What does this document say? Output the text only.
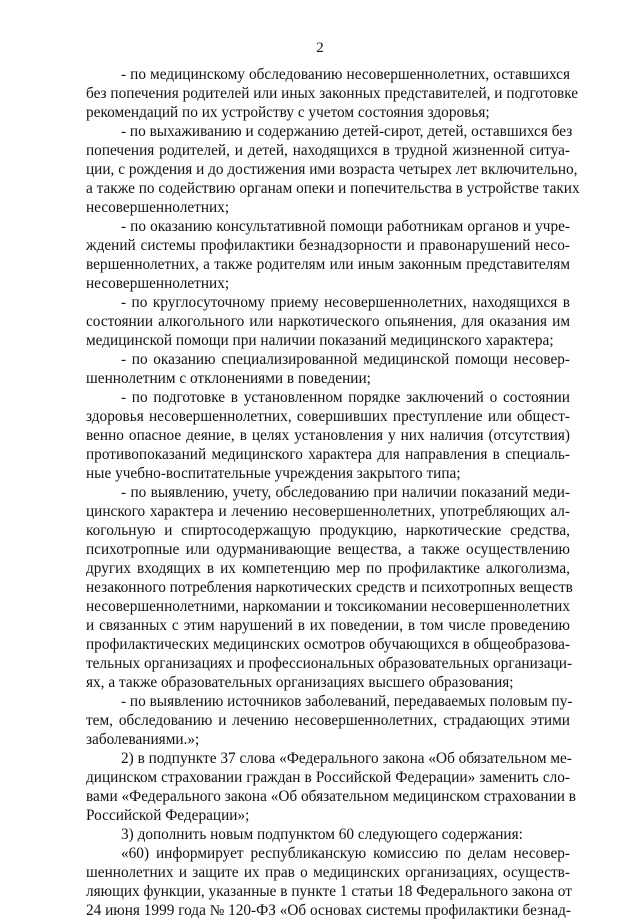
2
- по медицинскому обследованию несовершеннолетних, оставшихся
без попечения родителей или иных законных представителей, и подготовке
рекомендаций по их устройству с учетом состояния здоровья;
- по выхаживанию и содержанию детей-сирот, детей, оставшихся без
попечения родителей, и детей, находящихся в трудной жизненной ситуа-
ции, с рождения и до достижения ими возраста четырех лет включительно,
а также по содействию органам опеки и попечительства в устройстве таких
несовершеннолетних;
- по оказанию консультативной помощи работникам органов и учре-
ждений системы профилактики безнадзорности и правонарушений несо-
вершеннолетних, а также родителям или иным законным представителям
несовершеннолетних;
- по круглосуточному приему несовершеннолетних, находящихся в
состоянии алкогольного или наркотического опьянения, для оказания им
медицинской помощи при наличии показаний медицинского характера;
- по оказанию специализированной медицинской помощи несовер-
шеннолетним с отклонениями в поведении;
- по подготовке в установленном порядке заключений о состоянии
здоровья несовершеннолетних, совершивших преступление или общест-
венно опасное деяние, в целях установления у них наличия (отсутствия)
противопоказаний медицинского характера для направления в специаль-
ные учебно-воспитательные учреждения закрытого типа;
- по выявлению, учету, обследованию при наличии показаний меди-
цинского характера и лечению несовершеннолетних, употребляющих ал-
когольную и спиртосодержащую продукцию, наркотические средства,
психотропные или одурманивающие вещества, а также осуществлению
других входящих в их компетенцию мер по профилактике алкоголизма,
незаконного потребления наркотических средств и психотропных веществ
несовершеннолетними, наркомании и токсикомании несовершеннолетних
и связанных с этим нарушений в их поведении, в том числе проведению
профилактических медицинских осмотров обучающихся в общеобразова-
тельных организациях и профессиональных образовательных организаци-
ях, а также образовательных организациях высшего образования;
- по выявлению источников заболеваний, передаваемых половым пу-
тем, обследованию и лечению несовершеннолетних, страдающих этими
заболеваниями.»;
2) в подпункте 37 слова «Федерального закона «Об обязательном ме-
дицинском страховании граждан в Российской Федерации» заменить сло-
вами «Федерального закона «Об обязательном медицинском страховании в
Российской Федерации»;
3) дополнить новым подпунктом 60 следующего содержания:
«60) информирует республиканскую комиссию по делам несовер-
шеннолетних и защите их прав о медицинских организациях, осуществ-
ляющих функции, указанные в пункте 1 статьи 18 Федерального закона от
24 июня 1999 года № 120-ФЗ «Об основах системы профилактики безнад-
